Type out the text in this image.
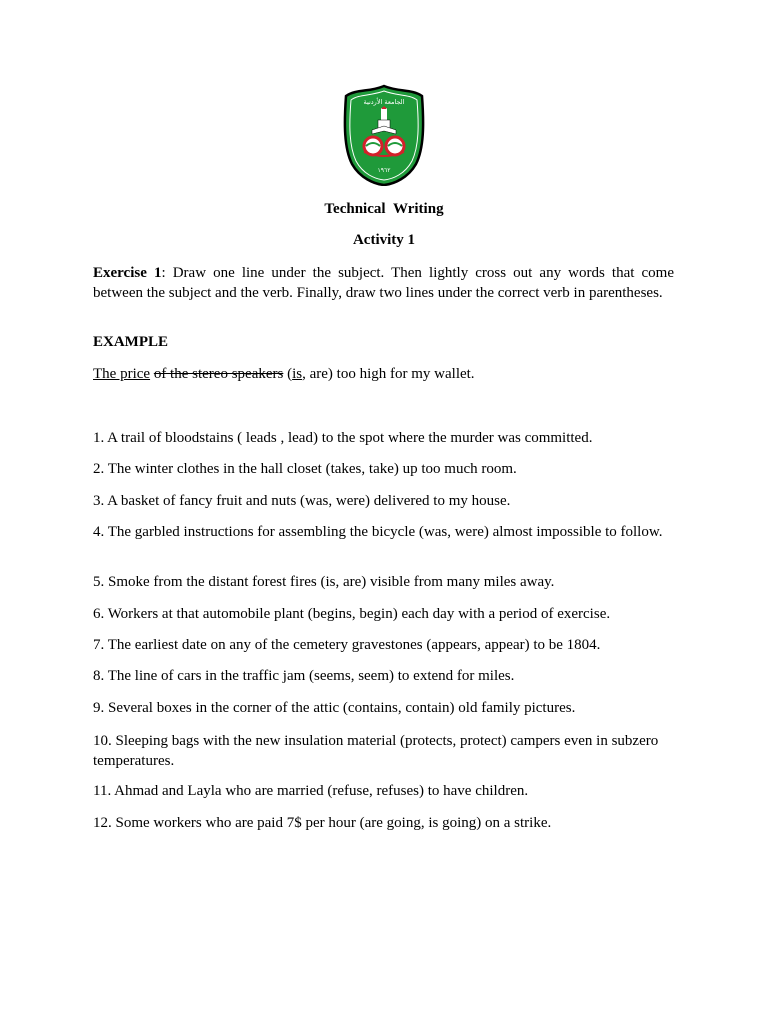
الجامعة الأردنية
١٩٦٢
Technical Writing
Activity 1
Exercise 1: Draw one line under the subject. Then lightly cross out any words that come between the subject and the verb. Finally, draw two lines under the correct verb in parentheses.
EXAMPLE
The price of the stereo speakers (is, are) too high for my wallet.
1. A trail of bloodstains ( leads , lead) to the spot where the murder was committed.
2. The winter clothes in the hall closet (takes, take) up too much room.
3. A basket of fancy fruit and nuts (was, were) delivered to my house.
4. The garbled instructions for assembling the bicycle (was, were) almost impossible to follow.
5. Smoke from the distant forest fires (is, are) visible from many miles away.
6. Workers at that automobile plant (begins, begin) each day with a period of exercise.
7. The earliest date on any of the cemetery gravestones (appears, appear) to be 1804.
8. The line of cars in the traffic jam (seems, seem) to extend for miles.
9. Several boxes in the corner of the attic (contains, contain) old family pictures.
10. Sleeping bags with the new insulation material (protects, protect) campers even in subzero temperatures.
11. Ahmad and Layla who are married (refuse, refuses) to have children.
12. Some workers who are paid 7$ per hour (are going, is going) on a strike.
